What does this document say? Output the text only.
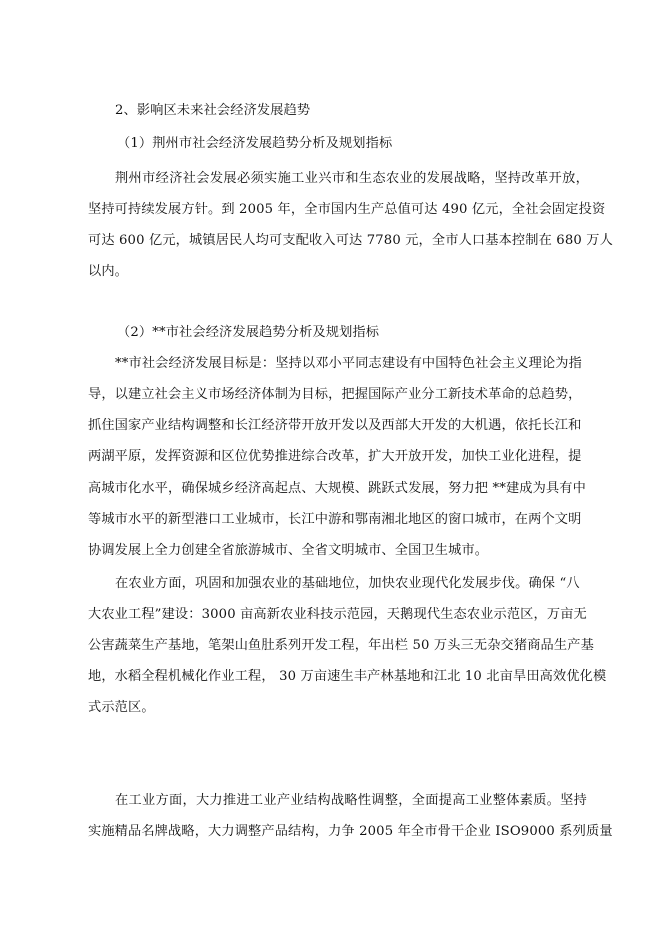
2、影响区未来社会经济发展趋势
（1）荆州市社会经济发展趋势分析及规划指标
荆州市经济社会发展必须实施工业兴市和生态农业的发展战略，坚持改革开放，
坚持可持续发展方针。到 2005 年，全市国内生产总值可达 490 亿元，全社会固定投资
可达 600 亿元，城镇居民人均可支配收入可达 7780 元，全市人口基本控制在 680 万人
以内。
（2）**市社会经济发展趋势分析及规划指标
**市社会经济发展目标是：坚持以邓小平同志建设有中国特色社会主义理论为指
导，以建立社会主义市场经济体制为目标，把握国际产业分工新技术革命的总趋势，
抓住国家产业结构调整和长江经济带开放开发以及西部大开发的大机遇，依托长江和
两湖平原，发挥资源和区位优势推进综合改革，扩大开放开发，加快工业化进程，提
高城市化水平，确保城乡经济高起点、大规模、跳跃式发展，努力把 **建成为具有中
等城市水平的新型港口工业城市，长江中游和鄂南湘北地区的窗口城市，在两个文明
协调发展上全力创建全省旅游城市、全省文明城市、全国卫生城市。
在农业方面，巩固和加强农业的基础地位，加快农业现代化发展步伐。确保 “八
大农业工程”建设：3000 亩高新农业科技示范园，天鹅现代生态农业示范区，万亩无
公害蔬菜生产基地，笔架山鱼肚系列开发工程，年出栏 50 万头三无杂交猪商品生产基
地，水稻全程机械化作业工程， 30 万亩速生丰产林基地和江北 10 北亩旱田高效优化模
式示范区。
在工业方面，大力推进工业产业结构战略性调整，全面提高工业整体素质。坚持
实施精品名牌战略，大力调整产品结构，力争 2005 年全市骨干企业 ISO9000 系列质量
